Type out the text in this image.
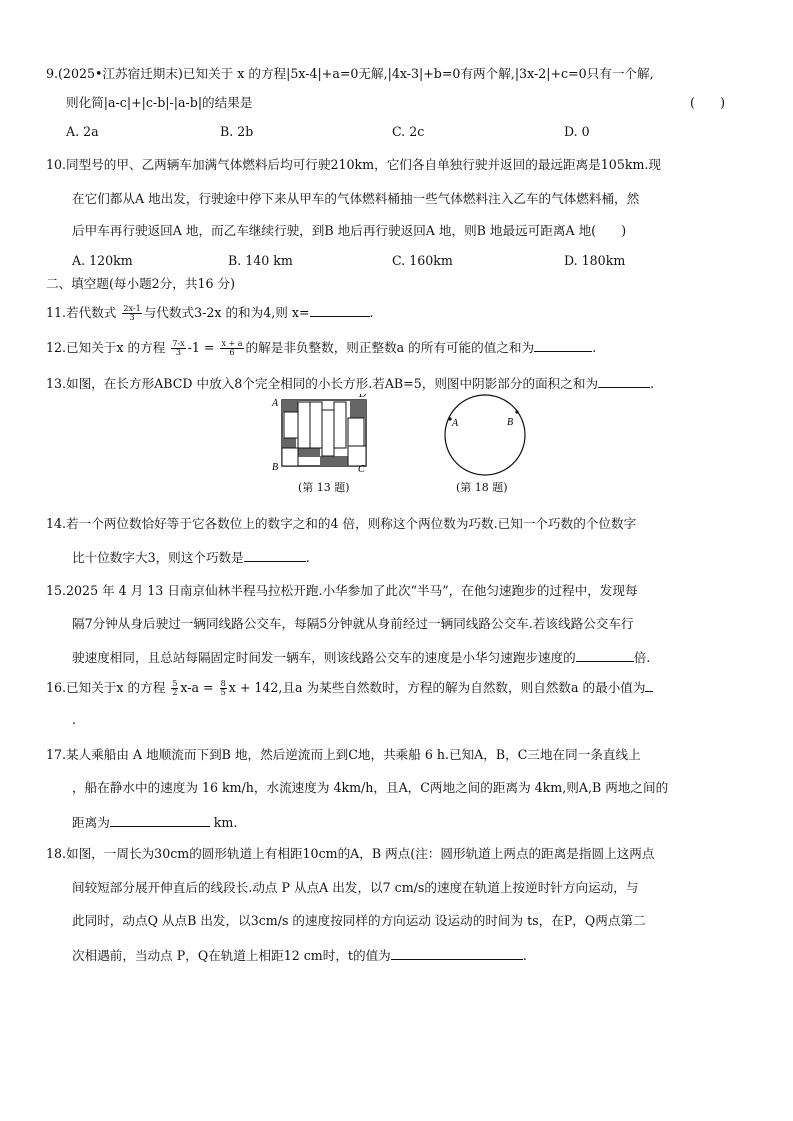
9.(2025•江苏宿迁期末)已知关于 x 的方程|5x-4|+a=0无解,|4x-3|+b=0有两个解,|3x-2|+c=0只有一个解,
则化简|a-c|+|c-b|-|a-b|的结果是	(　　)
A. 2a	B. 2b	C. 2c	D. 0
10.同型号的甲、乙两辆车加满气体燃料后均可行驶210km，它们各自单独行驶并返回的最远距离是105km.现
在它们都从A 地出发，行驶途中停下来从甲车的气体燃料桶抽一些气体燃料注入乙车的气体燃料桶，然
后甲车再行驶返回A 地，而乙车继续行驶，到B 地后再行驶返回A 地，则B 地最远可距离A 地(　　)
A. 120km	B. 140 km	C. 160km	D. 180km
二、填空题(每小题2分，共16 分)
11.若代数式 $\frac{2x-1}{3}$ 与代数式3-2x 的和为4,则 x=	.
12.已知关于x 的方程 $\frac{7-x}{3} -1 = \frac{x + a}{6}$ 的解是非负整数，则正整数a 的所有可能的值之和为	.
13.如图，在长方形ABCD 中放入8个完全相同的小长方形.若AB=5，则图中阴影部分的面积之和为	.
A
D
B	C
(第 13 题)
A	B
(第 18 题)
14.若一个两位数恰好等于它各数位上的数字之和的4 倍，则称这个两位数为巧数.已知一个巧数的个位数字
比十位数字大3，则这个巧数是	.
15.2025 年 4 月 13 日南京仙林半程马拉松开跑.小华参加了此次“半马”，在他匀速跑步的过程中，发现每
隔7分钟从身后驶过一辆同线路公交车，每隔5分钟就从身前经过一辆同线路公交车.若该线路公交车行
驶速度相同，且总站每隔固定时间发一辆车，则该线路公交车的速度是小华匀速跑步速度的	倍.
16.已知关于x 的方程 $\frac{5}{2} x-a = \frac{8}{5}$ x + 142,且a 为某些自然数时，方程的解为自然数，则自然数a 的最小值为
.
17.某人乘船由 A 地顺流而下到B 地，然后逆流而上到C地，共乘船 6 h.已知A，B，C三地在同一条直线上
，船在静水中的速度为 16 km/h，水流速度为 4km/h，且A，C两地之间的距离为 4km,则A,B 两地之间的
距离为	km.
18.如图，一周长为30cm的圆形轨道上有相距10cm的A，B 两点(注：圆形轨道上两点的距离是指圆上这两点
间较短部分展开伸直后的线段长.动点 P 从点A 出发，以7 cm/s的速度在轨道上按逆时针方向运动，与
此同时，动点Q 从点B 出发，以3cm/s 的速度按同样的方向运动 设运动的时间为 ts，在P，Q两点第二
次相遇前，当动点 P，Q在轨道上相距12 cm时，t的值为	.
